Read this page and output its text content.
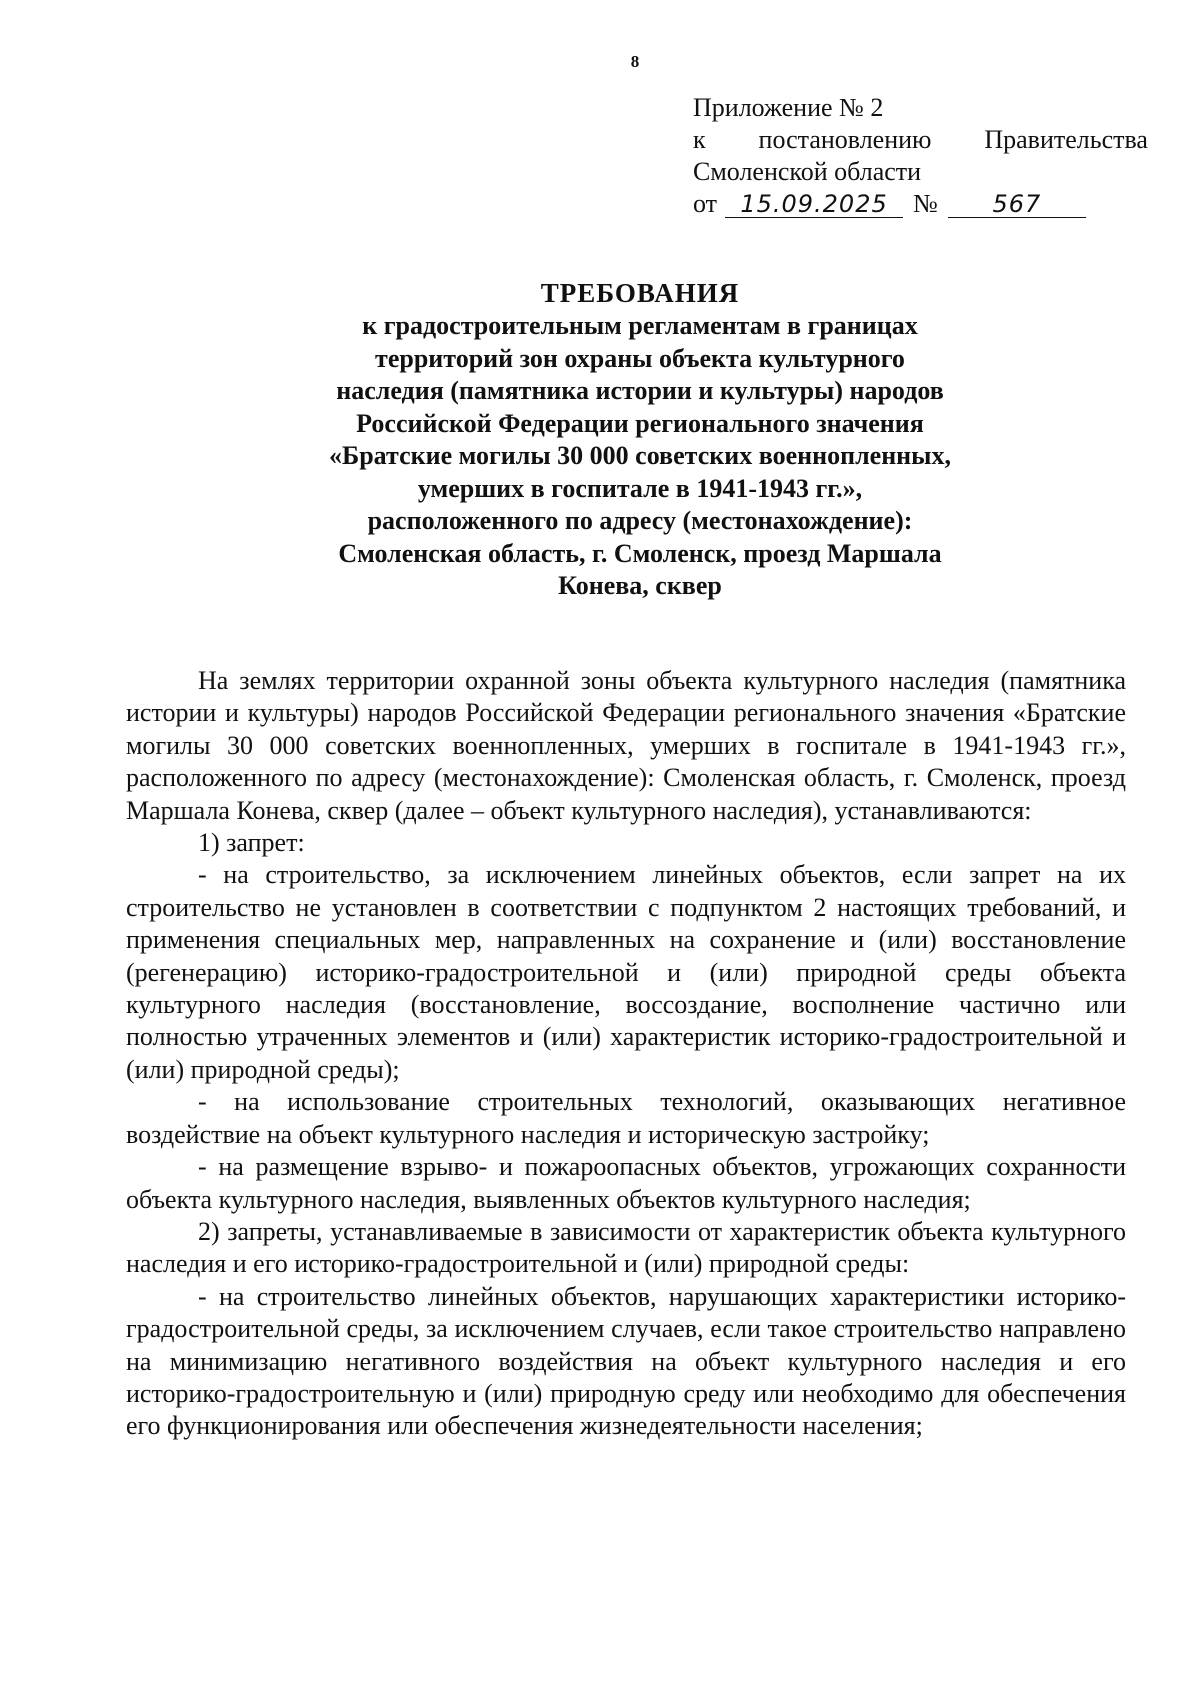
8
Приложение № 2
к постановлению Правительства
Смоленской области
от 15.09.2025 №	567
ТРЕБОВАНИЯ
к градостроительным регламентам в границах
территорий зон охраны объекта культурного
наследия (памятника истории и культуры) народов
Российской Федерации регионального значения
«Братские могилы 30 000 советских военнопленных,
умерших в госпитале в 1941-1943 гг.»,
расположенного по адресу (местонахождение):
Смоленская область, г. Смоленск, проезд Маршала
Конева, сквер

На землях территории охранной зоны объекта культурного наследия (памятника истории и культуры) народов Российской Федерации регионального значения «Братские могилы 30 000 советских военнопленных, умерших в госпитале в 1941-1943 гг.», расположенного по адресу (местонахождение): Смоленская область, г. Смоленск, проезд Маршала Конева, сквер (далее – объект культурного наследия), устанавливаются:

1) запрет:

- на строительство, за исключением линейных объектов, если запрет на их строительство не установлен в соответствии с подпунктом 2 настоящих требований, и применения специальных мер, направленных на сохранение и (или) восстановление (регенерацию) историко-градостроительной и (или) природной среды объекта культурного наследия (восстановление, воссоздание, восполнение частично или полностью утраченных элементов и (или) характеристик историко-градостроительной и (или) природной среды);

- на использование строительных технологий, оказывающих негативное воздействие на объект культурного наследия и историческую застройку;

- на размещение взрыво- и пожароопасных объектов, угрожающих сохранности объекта культурного наследия, выявленных объектов культурного наследия;

2) запреты, устанавливаемые в зависимости от характеристик объекта культурного наследия и его историко-градостроительной и (или) природной среды:

- на строительство линейных объектов, нарушающих характеристики историко-градостроительной среды, за исключением случаев, если такое строительство направлено на минимизацию негативного воздействия на объект культурного наследия и его историко-градостроительную и (или) природную среду или необходимо для обеспечения его функционирования или обеспечения жизнедеятельности населения;
